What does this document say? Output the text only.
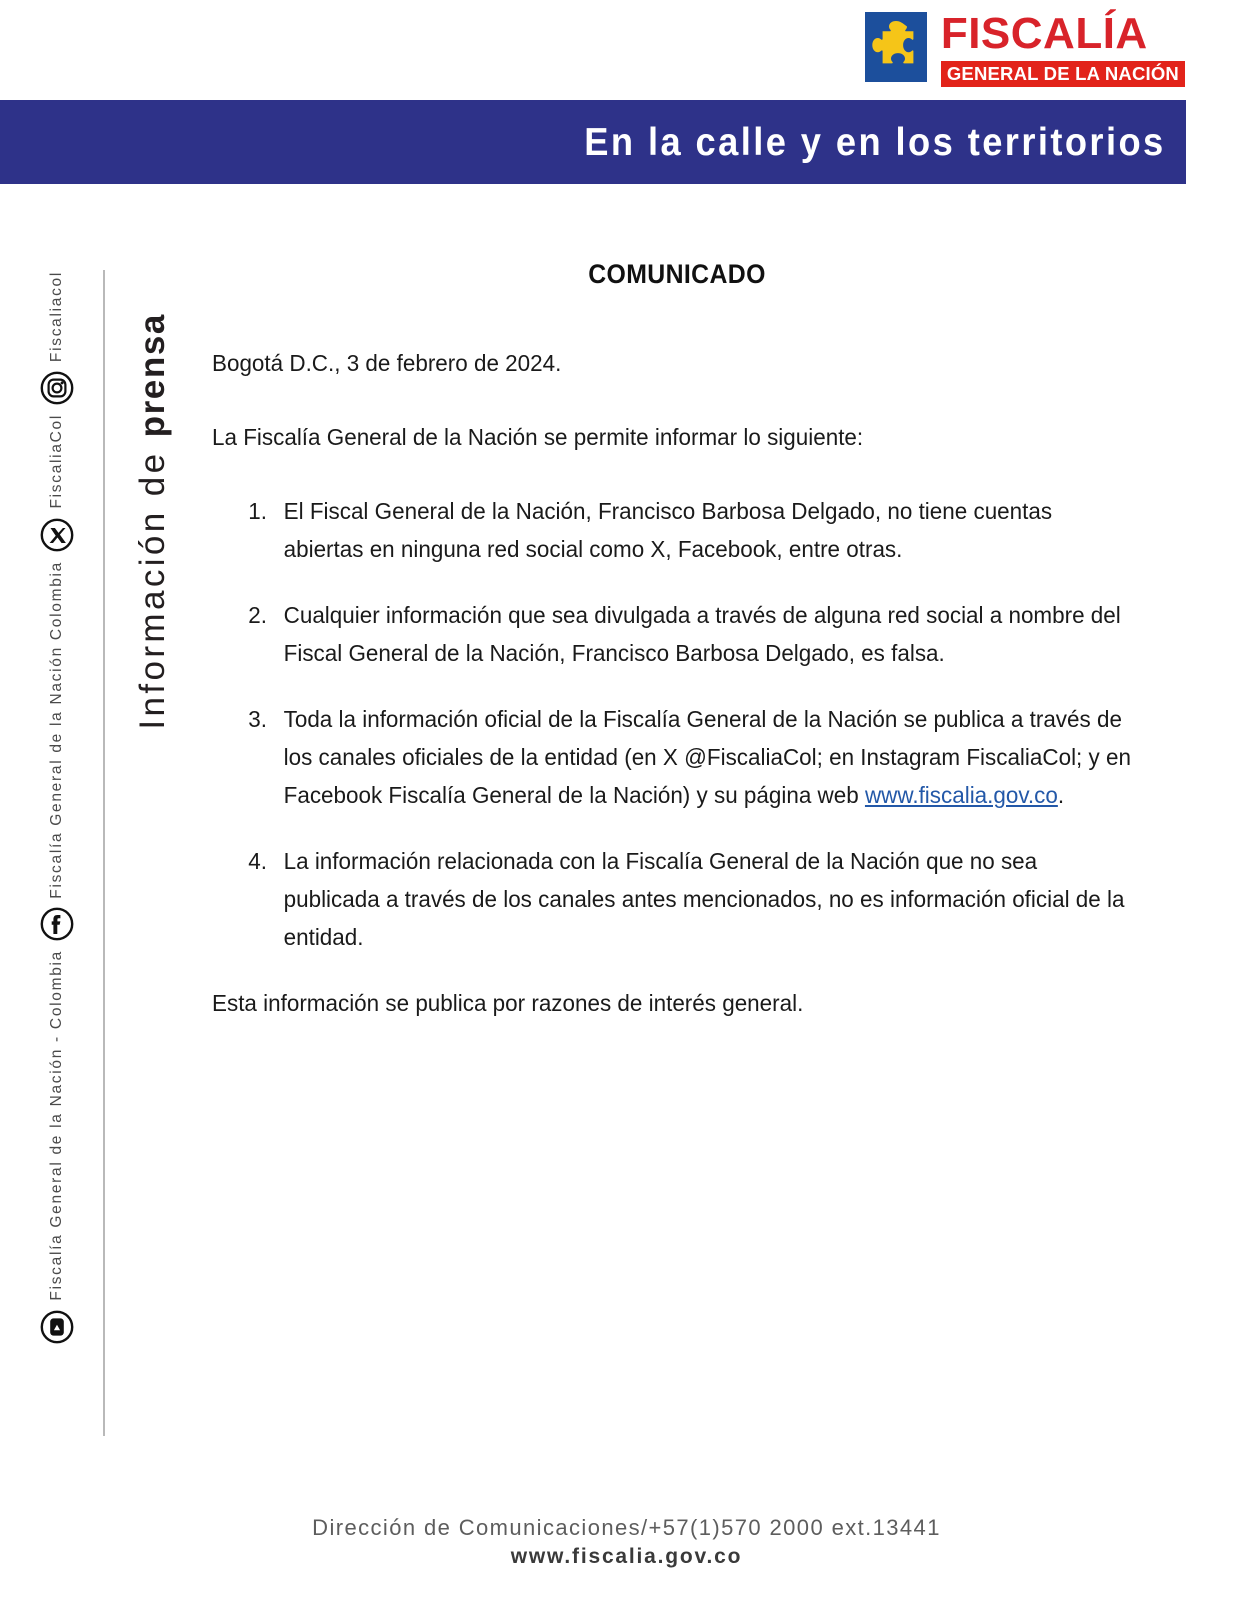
FISCALÍA
GENERAL DE LA NACIÓN
En la calle y en los territorios
Fiscaliacol
FiscaliaCol
Fiscalía General de la Nación Colombia
Fiscalía General de la Nación - Colombia
Información de prensa
COMUNICADO
Bogotá D.C., 3 de febrero de 2024.
La Fiscalía General de la Nación se permite informar lo siguiente:
1. El Fiscal General de la Nación, Francisco Barbosa Delgado, no tiene cuentas abiertas en ninguna red social como X, Facebook, entre otras.
2. Cualquier información que sea divulgada a través de alguna red social a nombre del Fiscal General de la Nación, Francisco Barbosa Delgado, es falsa.
3. Toda la información oficial de la Fiscalía General de la Nación se publica a través de los canales oficiales de la entidad (en X @FiscaliaCol; en Instagram FiscaliaCol; y en Facebook Fiscalía General de la Nación) y su página web www.fiscalia.gov.co.
4. La información relacionada con la Fiscalía General de la Nación que no sea publicada a través de los canales antes mencionados, no es información oficial de la entidad.
Esta información se publica por razones de interés general.
Dirección de Comunicaciones/+57(1)570 2000 ext.13441
www.fiscalia.gov.co
